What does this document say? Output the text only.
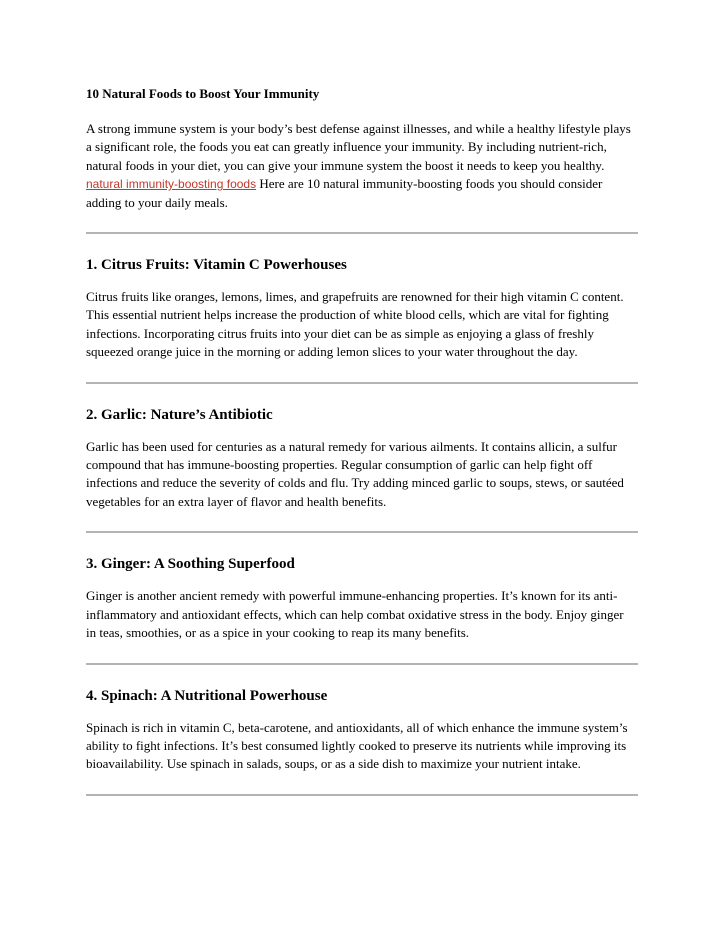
10 Natural Foods to Boost Your Immunity

A strong immune system is your body’s best defense against illnesses, and while a healthy lifestyle plays a significant role, the foods you eat can greatly influence your immunity. By including nutrient-rich, natural foods in your diet, you can give your immune system the boost it needs to keep you healthy. natural immunity-boosting foods Here are 10 natural immunity-boosting foods you should consider adding to your daily meals.

1. Citrus Fruits: Vitamin C Powerhouses

Citrus fruits like oranges, lemons, limes, and grapefruits are renowned for their high vitamin C content. This essential nutrient helps increase the production of white blood cells, which are vital for fighting infections. Incorporating citrus fruits into your diet can be as simple as enjoying a glass of freshly squeezed orange juice in the morning or adding lemon slices to your water throughout the day.

2. Garlic: Nature’s Antibiotic

Garlic has been used for centuries as a natural remedy for various ailments. It contains allicin, a sulfur compound that has immune-boosting properties. Regular consumption of garlic can help fight off infections and reduce the severity of colds and flu. Try adding minced garlic to soups, stews, or sautéed vegetables for an extra layer of flavor and health benefits.

3. Ginger: A Soothing Superfood

Ginger is another ancient remedy with powerful immune-enhancing properties. It’s known for its anti-inflammatory and antioxidant effects, which can help combat oxidative stress in the body. Enjoy ginger in teas, smoothies, or as a spice in your cooking to reap its many benefits.

4. Spinach: A Nutritional Powerhouse

Spinach is rich in vitamin C, beta-carotene, and antioxidants, all of which enhance the immune system’s ability to fight infections. It’s best consumed lightly cooked to preserve its nutrients while improving its bioavailability. Use spinach in salads, soups, or as a side dish to maximize your nutrient intake.
